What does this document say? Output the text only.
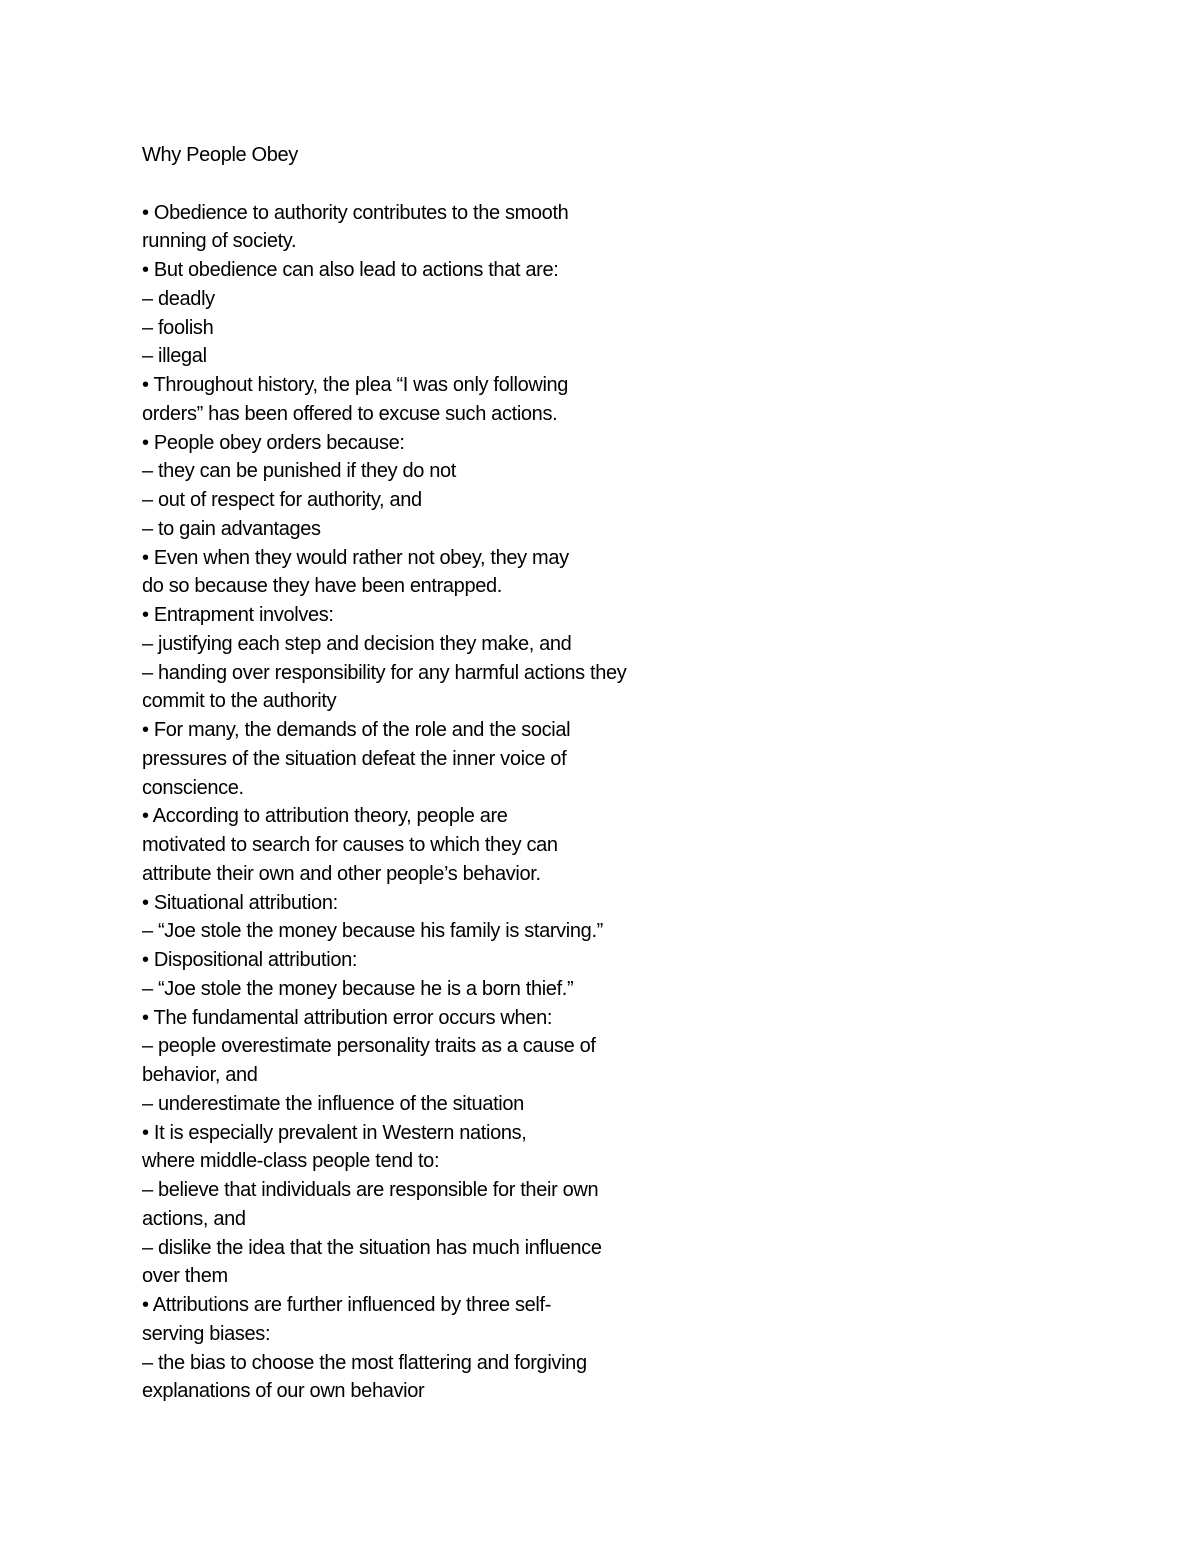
Why People Obey

• Obedience to authority contributes to the smooth

running of society.

• But obedience can also lead to actions that are:

– deadly

– foolish

– illegal

• Throughout history, the plea “I was only following

orders” has been offered to excuse such actions.

• People obey orders because:

– they can be punished if they do not

– out of respect for authority, and

– to gain advantages

• Even when they would rather not obey, they may

do so because they have been entrapped.

• Entrapment involves:

– justifying each step and decision they make, and

– handing over responsibility for any harmful actions they

commit to the authority

• For many, the demands of the role and the social

pressures of the situation defeat the inner voice of

conscience.

• According to attribution theory, people are

motivated to search for causes to which they can

attribute their own and other people’s behavior.

• Situational attribution:

– “Joe stole the money because his family is starving.”

• Dispositional attribution:

– “Joe stole the money because he is a born thief.”

• The fundamental attribution error occurs when:

– people overestimate personality traits as a cause of

behavior, and

– underestimate the influence of the situation

• It is especially prevalent in Western nations,

where middle-class people tend to:

– believe that individuals are responsible for their own

actions, and

– dislike the idea that the situation has much influence

over them

• Attributions are further influenced by three self-

serving biases:

– the bias to choose the most flattering and forgiving

explanations of our own behavior
